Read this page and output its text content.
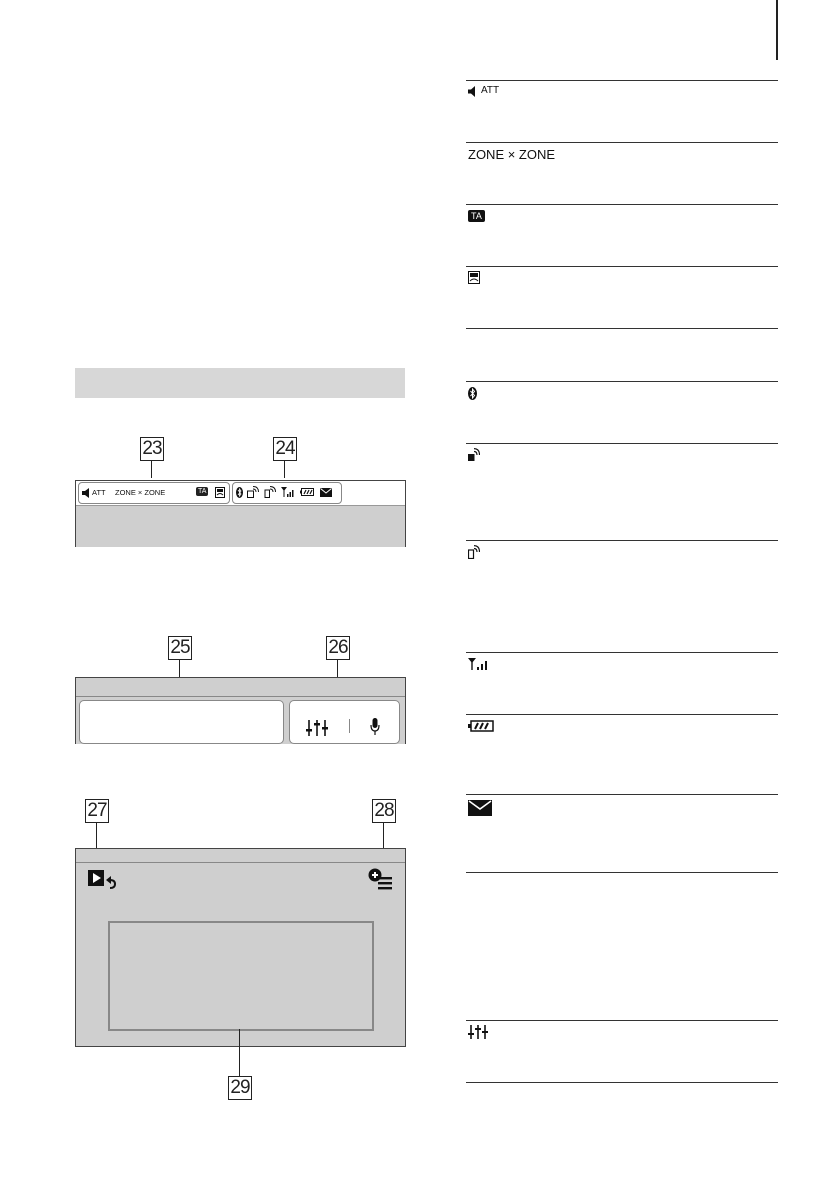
23	24
ATT ZONE × ZONE	TA
25	26
27	28
29
ATT
ZONE × ZONE
TA
